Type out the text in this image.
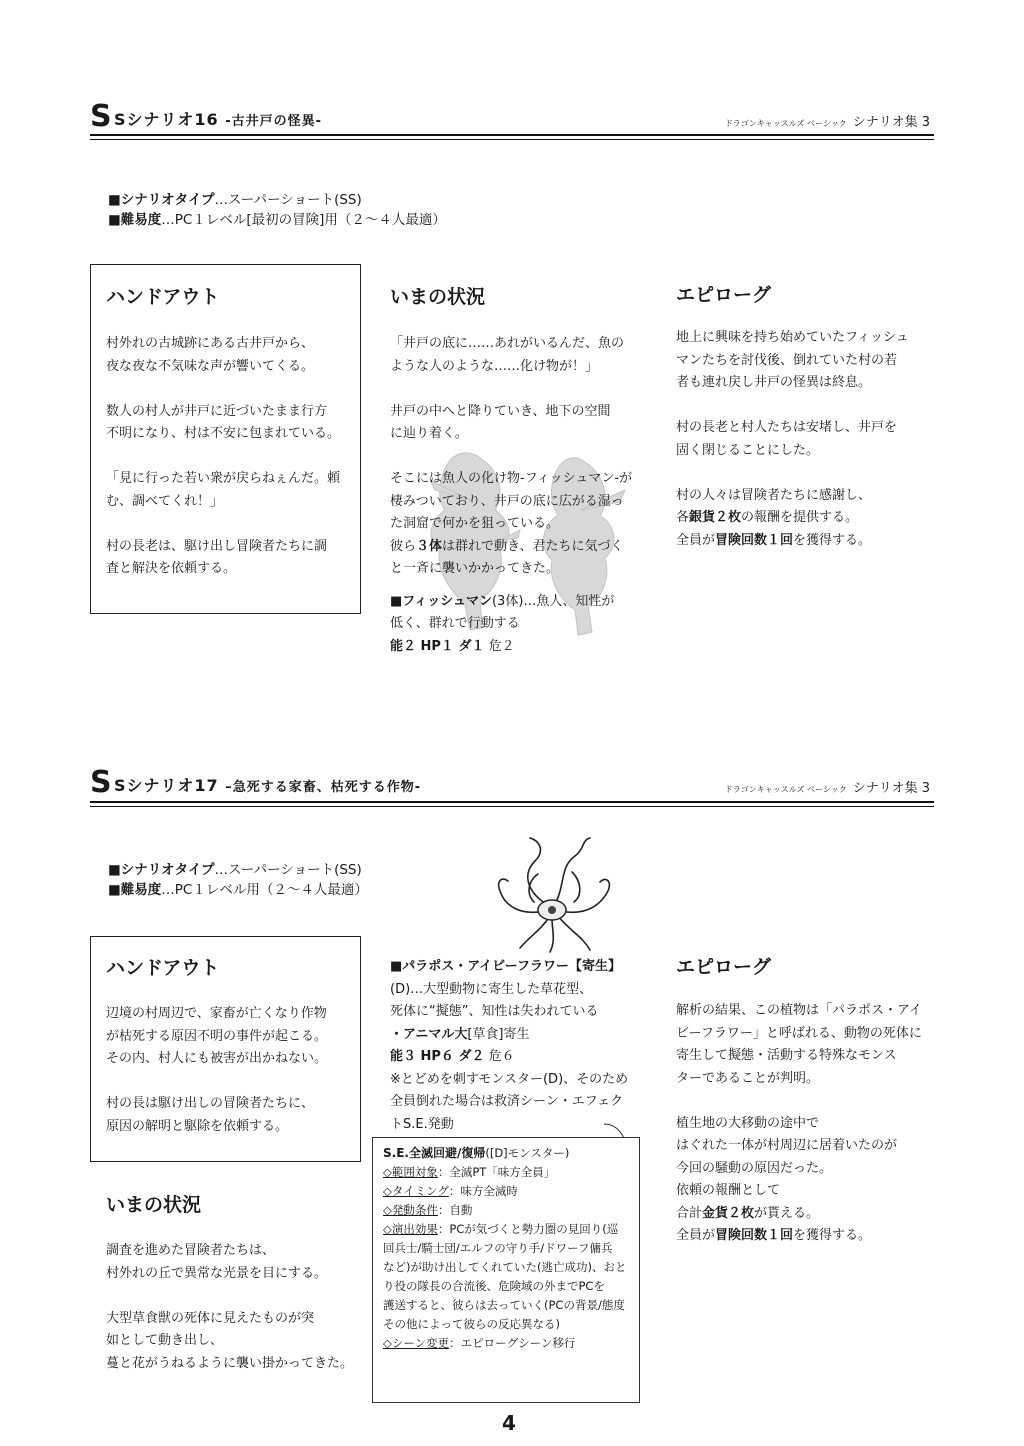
S Sシナリオ16 -古井戸の怪異-	ドラゴンキャッスルズ ベーシック シナリオ集 3
■シナリオタイプ…スーパーショート(SS)
■難易度…PC１レベル[最初の冒険]用（２～４人最適）
ハンドアウト
村外れの古城跡にある古井戸から、
夜な夜な不気味な声が響いてくる。

数人の村人が井戸に近づいたまま行方
不明になり、村は不安に包まれている。

「見に行った若い衆が戻らねぇんだ。頼
む、調べてくれ！」

村の長老は、駆け出し冒険者たちに調
査と解決を依頼する。
いまの状況
「井戸の底に……あれがいるんだ、魚の
ような人のような……化け物が！」

井戸の中へと降りていき、地下の空間
に辿り着く。

そこには魚人の化け物-フィッシュマン-が
棲みついており、井戸の底に広がる湿っ
た洞窟で何かを狙っている。
彼ら３体は群れで動き、君たちに気づく
と一斉に襲いかかってきた。
■フィッシュマン(3体)…魚人、知性が
低く、群れで行動する
能２ HP１ ダ１ 危２
エピローグ
地上に興味を持ち始めていたフィッシュ
マンたちを討伐後、倒れていた村の若
者も連れ戻し井戸の怪異は終息。

村の長老と村人たちは安堵し、井戸を
固く閉じることにした。

村の人々は冒険者たちに感謝し、
各銀貨２枚の報酬を提供する。
全員が冒険回数１回を獲得する。
S Sシナリオ17 –急死する家畜、枯死する作物-	ドラゴンキャッスルズ ベーシック シナリオ集 3
■シナリオタイプ…スーパーショート(SS)
■難易度…PC１レベル用（２～４人最適）
ハンドアウト
辺境の村周辺で、家畜が亡くなり作物
が枯死する原因不明の事件が起こる。
その内、村人にも被害が出かねない。

村の長は駆け出しの冒険者たちに、
原因の解明と駆除を依頼する。
いまの状況
調査を進めた冒険者たちは、
村外れの丘で異常な光景を目にする。

大型草食獣の死体に見えたものが突
如として動き出し、
蔓と花がうねるように襲い掛かってきた。
■パラポス・アイビーフラワー【寄生】
(D)…大型動物に寄生した草花型、
死体に“擬態”、知性は失われている
・アニマル大[草食]寄生
能３ HP６ ダ２ 危６
※とどめを刺すモンスター(D)、そのため
全員倒れた場合は救済シーン・エフェク
トS.E.発動
S.E.全滅回避/復帰([D]モンスター)
◇範囲対象：全滅PT「味方全員」
◇タイミング：味方全滅時
◇発動条件：自動
◇演出効果：PCが気づくと勢力圏の見回り(巡
回兵士/騎士団/エルフの守り手/ドワーフ傭兵
など)が助け出してくれていた(逃亡成功)、おと
り役の隊長の合流後、危険域の外までPCを
護送すると、彼らは去っていく(PCの背景/態度
その他によって彼らの反応異なる)
◇シーン変更：エピローグシーン移行
エピローグ
解析の結果、この植物は「パラポス・アイ
ビーフラワー」と呼ばれる、動物の死体に
寄生して擬態・活動する特殊なモンス
ターであることが判明。

植生地の大移動の途中で
はぐれた一体が村周辺に居着いたのが
今回の騒動の原因だった。
依頼の報酬として
合計金貨２枚が貰える。
全員が冒険回数１回を獲得する。
4
